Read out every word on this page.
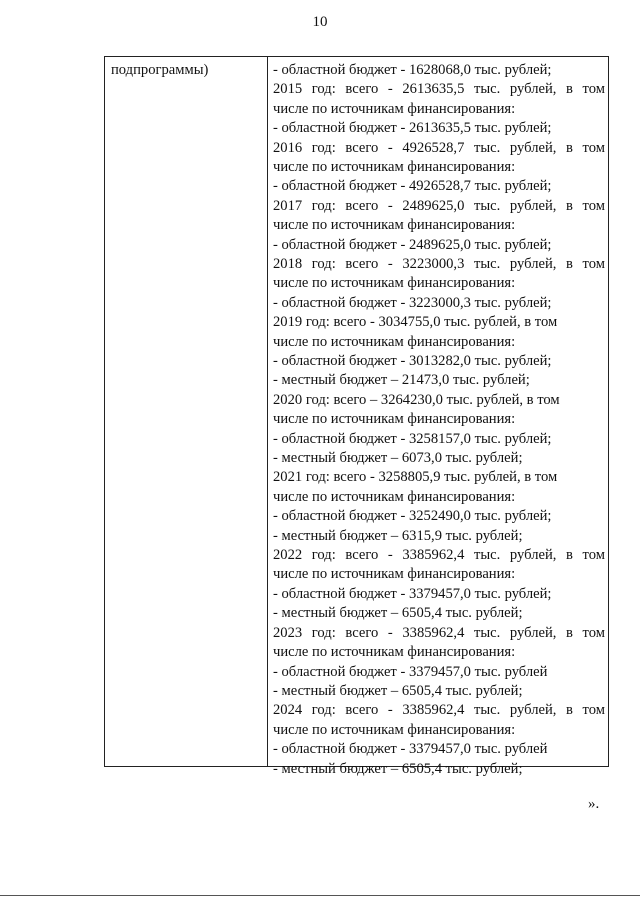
10
подпрограммы)	- областной бюджет - 1628068,0 тыс. рублей;
2015 год: всего - 2613635,5 тыс. рублей, в том
числе по источникам финансирования:
- областной бюджет - 2613635,5 тыс. рублей;
2016 год: всего - 4926528,7 тыс. рублей, в том
числе по источникам финансирования:
- областной бюджет - 4926528,7 тыс. рублей;
2017 год: всего - 2489625,0 тыс. рублей, в том
числе по источникам финансирования:
- областной бюджет - 2489625,0 тыс. рублей;
2018 год: всего - 3223000,3 тыс. рублей, в том
числе по источникам финансирования:
- областной бюджет - 3223000,3 тыс. рублей;
2019 год: всего - 3034755,0 тыс. рублей, в том
числе по источникам финансирования:
- областной бюджет - 3013282,0 тыс. рублей;
- местный бюджет – 21473,0 тыс. рублей;
2020 год: всего – 3264230,0 тыс. рублей, в том
числе по источникам финансирования:
- областной бюджет - 3258157,0 тыс. рублей;
- местный бюджет – 6073,0 тыс. рублей;
2021 год: всего - 3258805,9 тыс. рублей, в том
числе по источникам финансирования:
- областной бюджет - 3252490,0 тыс. рублей;
- местный бюджет – 6315,9 тыс. рублей;
2022 год: всего - 3385962,4 тыс. рублей, в том
числе по источникам финансирования:
- областной бюджет - 3379457,0 тыс. рублей;
- местный бюджет – 6505,4 тыс. рублей;
2023 год: всего - 3385962,4 тыс. рублей, в том
числе по источникам финансирования:
- областной бюджет - 3379457,0 тыс. рублей
- местный бюджет – 6505,4 тыс. рублей;
2024 год: всего - 3385962,4 тыс. рублей, в том
числе по источникам финансирования:
- областной бюджет - 3379457,0 тыс. рублей
- местный бюджет – 6505,4 тыс. рублей;
».
